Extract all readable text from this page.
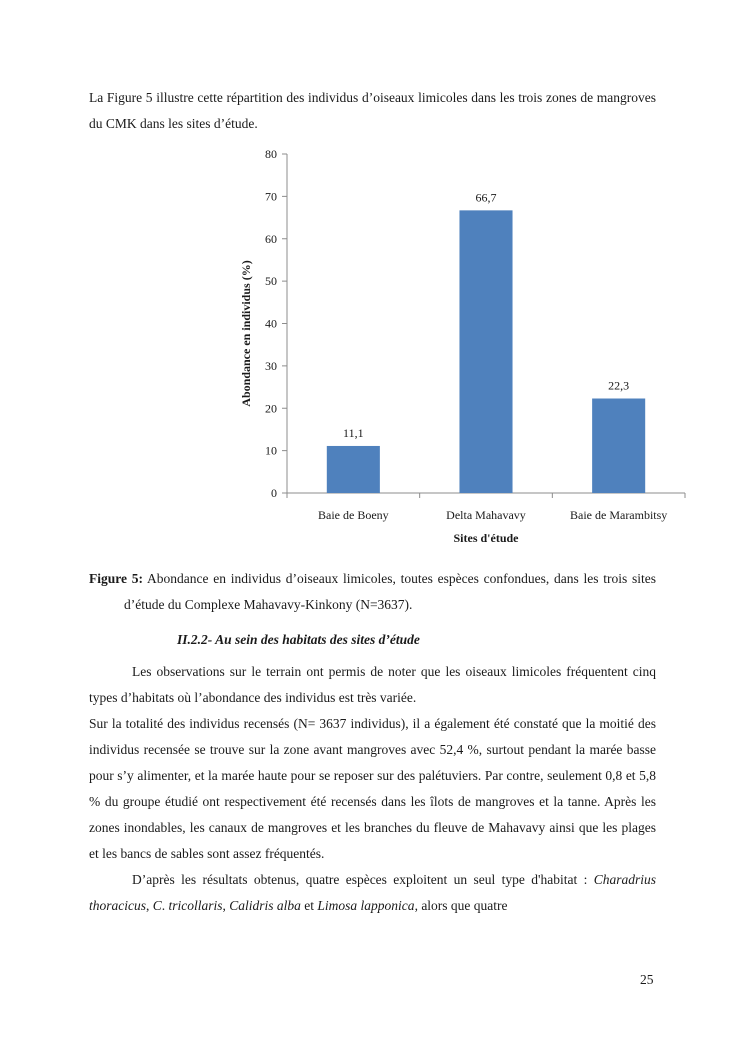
La Figure 5 illustre cette répartition des individus d’oiseaux limicoles dans les trois zones de mangroves du CMK dans les sites d’étude.

0
10
20
30
40
50
60
70
80
11,1
Baie de Boeny
66,7
Delta Mahavavy
22,3
Baie de Marambitsy
Sites d'étude
Abondance en individus (%)

Figure 5: Abondance en individus d’oiseaux limicoles, toutes espèces confondues, dans les trois sites d’étude du Complexe Mahavavy-Kinkony (N=3637).

II.2.2- Au sein des habitats des sites d’étude

Les observations sur le terrain ont permis de noter que les oiseaux limicoles fréquentent cinq types d’habitats où l’abondance des individus est très variée.

Sur la totalité des individus recensés (N= 3637 individus), il a également été constaté que la moitié des individus recensée se trouve sur la zone avant mangroves avec 52,4 %, surtout pendant la marée basse pour s’y alimenter, et la marée haute pour se reposer sur des palétuviers. Par contre, seulement 0,8 et 5,8 % du groupe étudié ont respectivement été recensés dans les îlots de mangroves et la tanne. Après les zones inondables, les canaux de mangroves et les branches du fleuve de Mahavavy ainsi que les plages et les bancs de sables sont assez fréquentés.

D’après les résultats obtenus, quatre espèces exploitent un seul type d'habitat : Charadrius thoracicus, C. tricollaris, Calidris alba et Limosa lapponica, alors que quatre

25
